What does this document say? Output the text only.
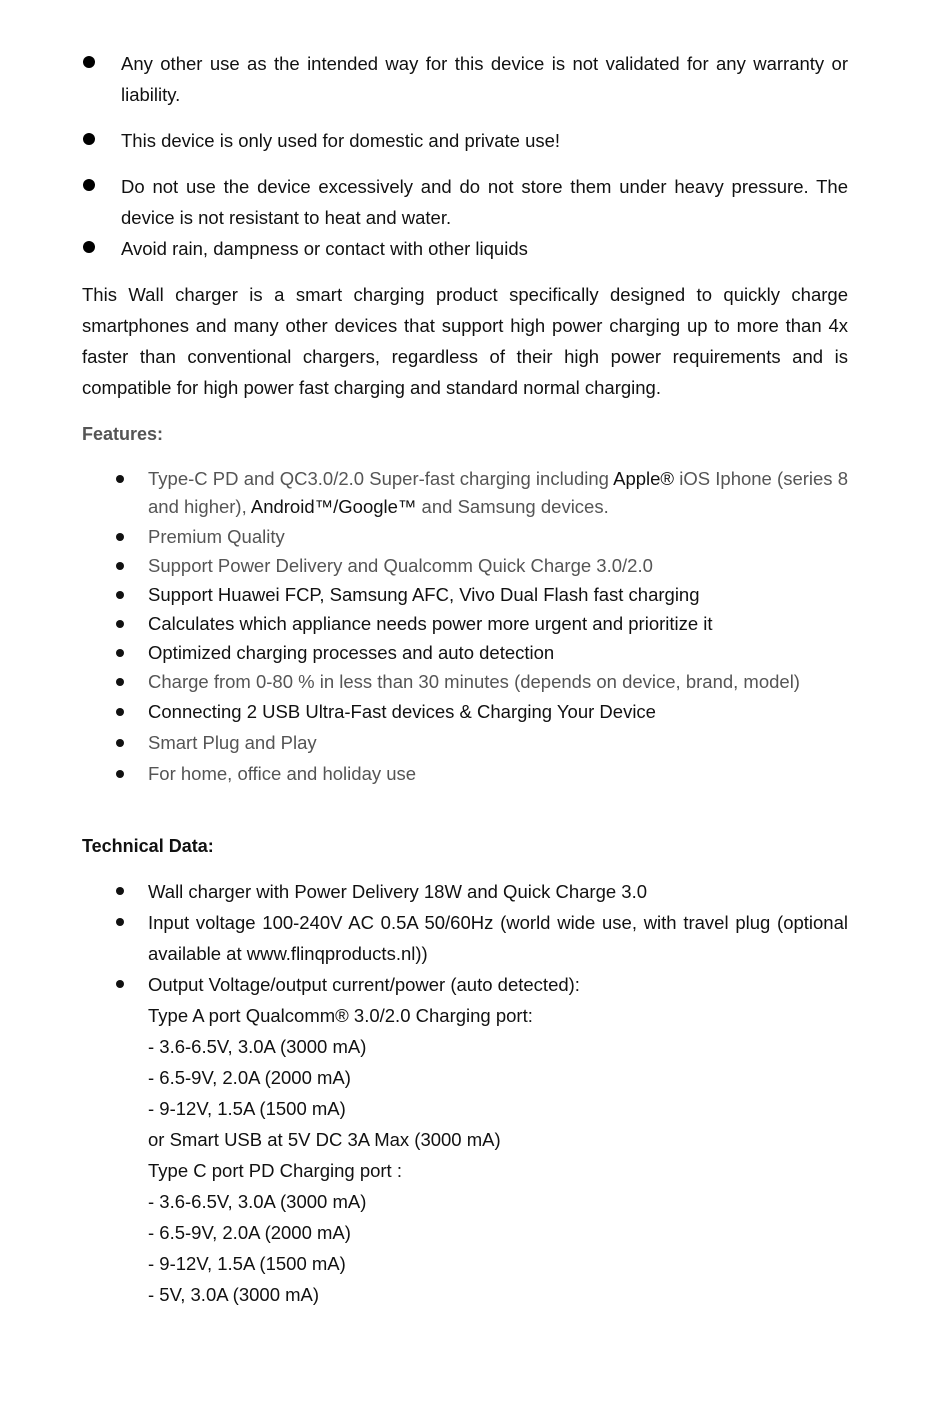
Any other use as the intended way for this device is not validated for any warranty or liability.
This device is only used for domestic and private use!
Do not use the device excessively and do not store them under heavy pressure. The device is not resistant to heat and water.
Avoid rain, dampness or contact with other liquids

This Wall charger is a smart charging product specifically designed to quickly charge smartphones and many other devices that support high power charging up to more than 4x faster than conventional chargers, regardless of their high power requirements and is compatible for high power fast charging and standard normal charging.

Features:
Type-C PD and QC3.0/2.0 Super-fast charging including Apple® iOS Iphone (series 8 and higher), Android™/Google™ and Samsung devices.
Premium Quality
Support Power Delivery and Qualcomm Quick Charge 3.0/2.0
Support Huawei FCP, Samsung AFC, Vivo Dual Flash fast charging
Calculates which appliance needs power more urgent and prioritize it
Optimized charging processes and auto detection
Charge from 0-80 % in less than 30 minutes (depends on device, brand, model)
Connecting 2 USB Ultra-Fast devices & Charging Your Device
Smart Plug and Play
For home, office and holiday use
Technical Data:
Wall charger with Power Delivery 18W and Quick Charge 3.0
Input voltage 100-240V AC 0.5A 50/60Hz (world wide use, with travel plug (optional available at www.flinqproducts.nl))
Output Voltage/output current/power (auto detected):
Type A port Qualcomm® 3.0/2.0 Charging port:
- 3.6-6.5V, 3.0A (3000 mA)
- 6.5-9V, 2.0A (2000 mA)
- 9-12V, 1.5A (1500 mA)
or Smart USB at 5V DC 3A Max (3000 mA)
Type C port PD Charging port :
- 3.6-6.5V, 3.0A (3000 mA)
- 6.5-9V, 2.0A (2000 mA)
- 9-12V, 1.5A (1500 mA)
- 5V, 3.0A (3000 mA)
